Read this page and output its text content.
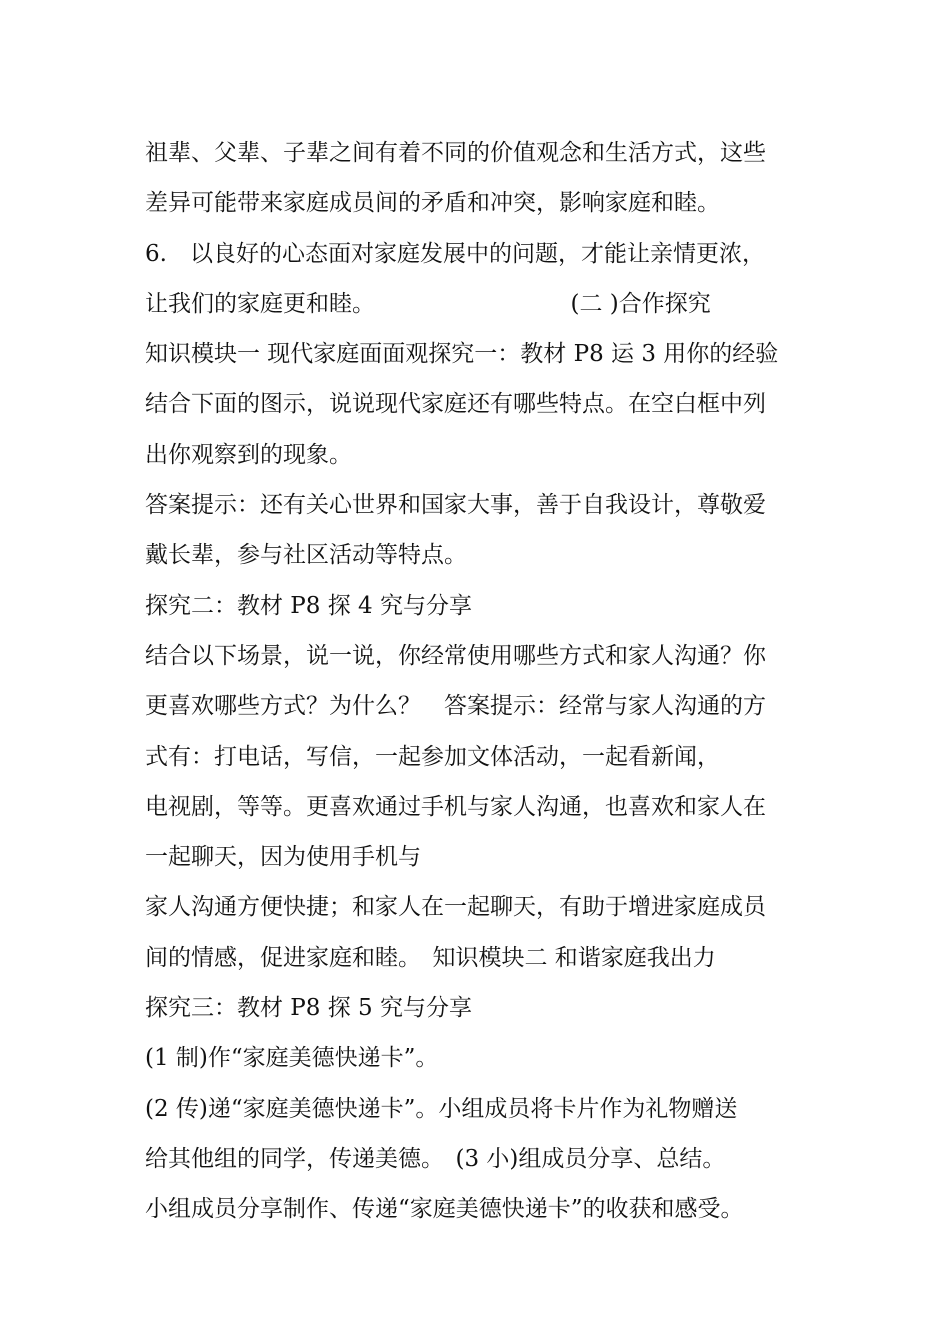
祖辈、父辈、子辈之间有着不同的价值观念和生活方式，这些
差异可能带来家庭成员间的矛盾和冲突，影响家庭和睦。
6.　以良好的心态面对家庭发展中的问题，才能让亲情更浓，
让我们的家庭更和睦。　　　　　　　　　(二 )合作探究
知识模块一 现代家庭面面观探究一：教材 P8 运 3 用你的经验
结合下面的图示，说说现代家庭还有哪些特点。在空白框中列
出你观察到的现象。
答案提示：还有关心世界和国家大事，善于自我设计，尊敬爱
戴长辈，参与社区活动等特点。
探究二：教材 P8 探 4 究与分享
结合以下场景，说一说，你经常使用哪些方式和家人沟通？你
更喜欢哪些方式？为什么？　答案提示：经常与家人沟通的方
式有：打电话，写信，一起参加文体活动，一起看新闻，
电视剧，等等。更喜欢通过手机与家人沟通，也喜欢和家人在
一起聊天，因为使用手机与
家人沟通方便快捷；和家人在一起聊天，有助于增进家庭成员
间的情感，促进家庭和睦。　知识模块二 和谐家庭我出力
探究三：教材 P8 探 5 究与分享
(1 制)作“家庭美德快递卡”。
(2 传)递“家庭美德快递卡”。小组成员将卡片作为礼物赠送
给其他组的同学，传递美德。　(3 小)组成员分享、总结。
小组成员分享制作、传递“家庭美德快递卡”的收获和感受。
